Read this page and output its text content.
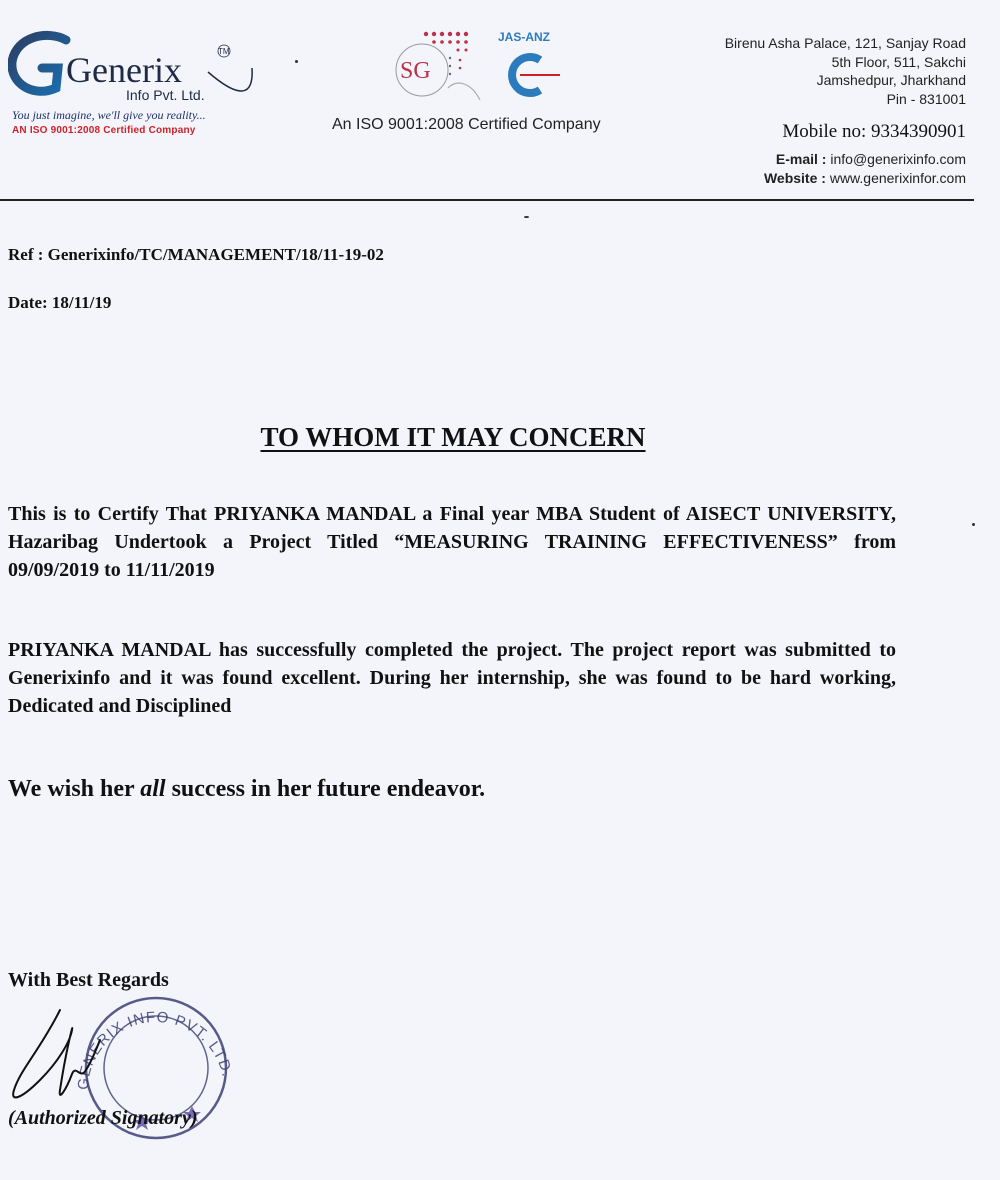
Generix	TM
Info Pvt. Ltd.
You just imagine, we'll give you reality...
AN ISO 9001:2008 Certified Company
SG
JAS-ANZ
An ISO 9001:2008 Certified Company
Birenu Asha Palace, 121, Sanjay Road
5th Floor, 511, Sakchi
Jamshedpur, Jharkhand
Pin - 831001
Mobile no: 9334390901
E-mail : info@generixinfo.com
Website : www.generixinfor.com
Ref : Generixinfo/TC/MANAGEMENT/18/11-19-02
Date: 18/11/19
TO WHOM IT MAY CONCERN
This is to Certify That PRIYANKA MANDAL a Final year MBA Student of AISECT UNIVERSITY, Hazaribag Undertook a Project Titled “MEASURING TRAINING EFFECTIVENESS” from 09/09/2019 to 11/11/2019
PRIYANKA MANDAL has successfully completed the project. The project report was submitted to Generixinfo and it was found excellent. During her internship, she was found to be hard working, Dedicated and Disciplined
We wish her all success in her future endeavor.
With Best Regards
GENERIX INFO PVT. LTD.
(Authorized Signatory)
